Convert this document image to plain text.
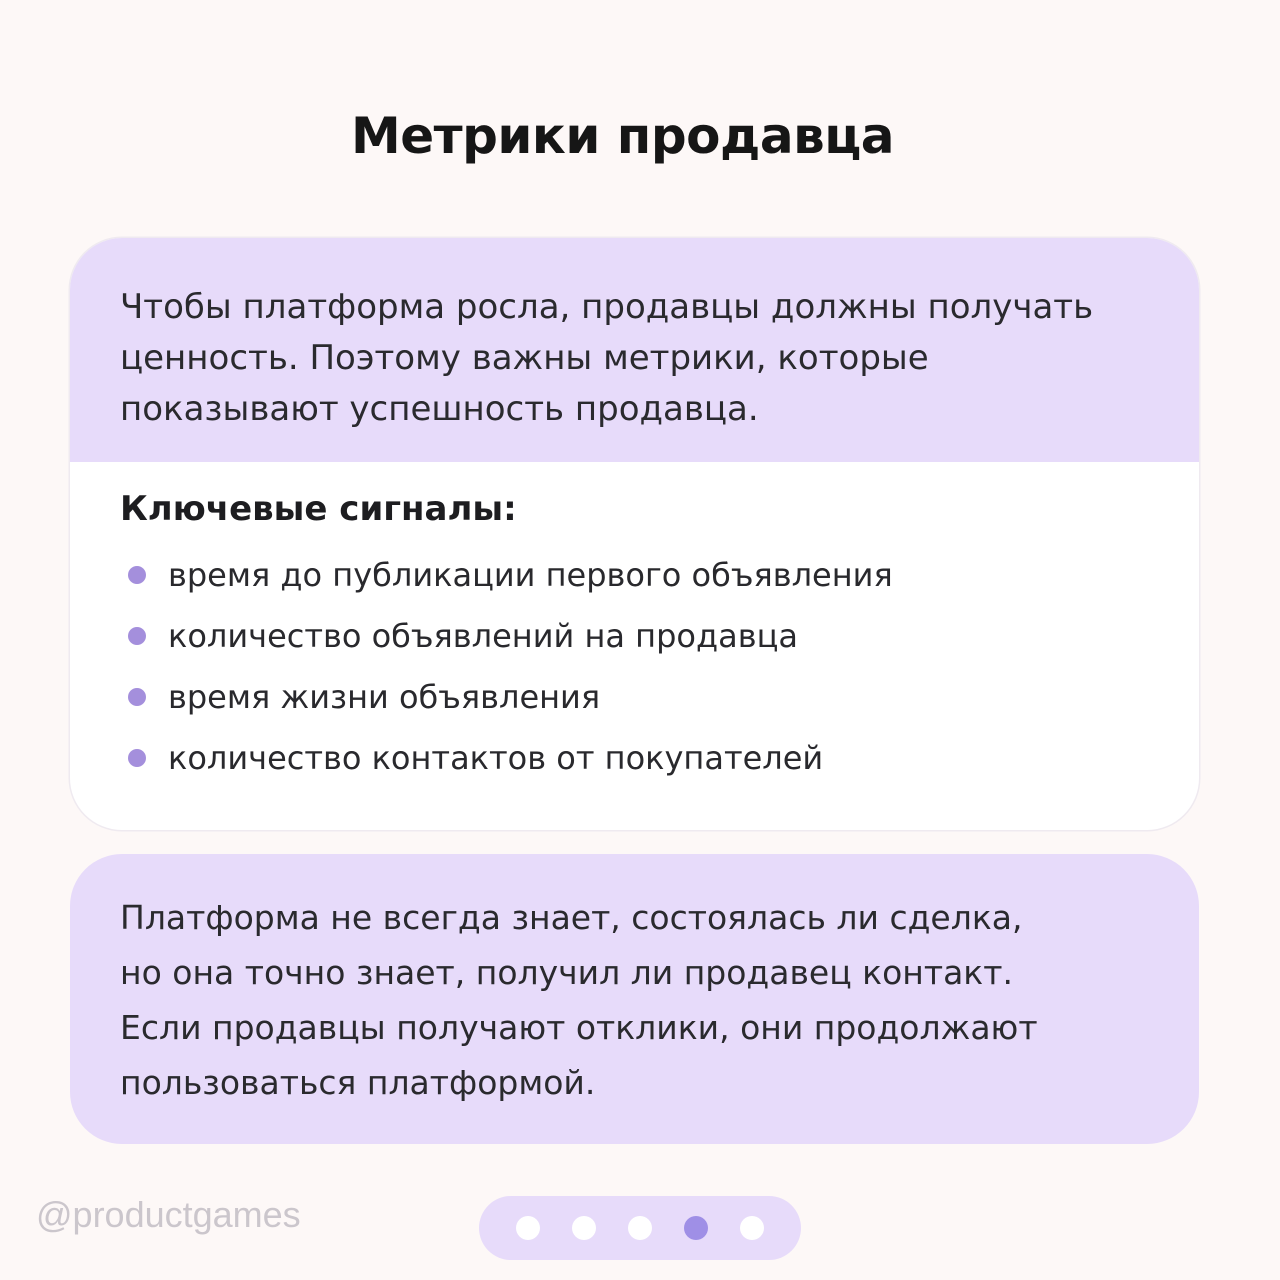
Метрики продавца

Чтобы платформа росла, продавцы должны получать
ценность. Поэтому важны метрики, которые
показывают успешность продавца.

Ключевые сигналы:

время до публикации первого объявления
количество объявлений на продавца
время жизни объявления
количество контактов от покупателей

Платформа не всегда знает, состоялась ли сделка,

но она точно знает, получил ли продавец контакт.

Если продавцы получают отклики, они продолжают

пользоваться платформой.

@productgames
